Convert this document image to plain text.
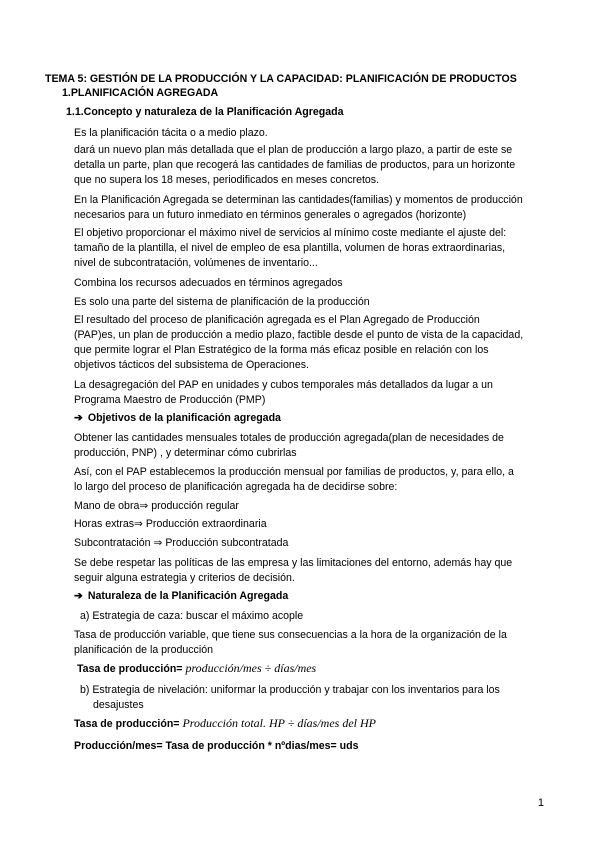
TEMA 5: GESTIÓN DE LA PRODUCCIÓN Y LA CAPACIDAD: PLANIFICACIÓN DE PRODUCTOS
1.PLANIFICACIÓN AGREGADA
1.1.Concepto y naturaleza de la Planificación Agregada
Es la planificación tácita o a medio plazo.
dará un nuevo plan más detallada que el plan de producción a largo plazo, a partir de este se
detalla un parte, plan que recogerá las cantidades de familias de productos, para un horizonte
que no supera los 18 meses, periodificados en meses concretos.
En la Planificación Agregada se determinan las cantidades(familias) y momentos de producción
necesarios para un futuro inmediato en términos generales o agregados (horizonte)
El objetivo proporcionar el máximo nivel de servicios al mínimo coste mediante el ajuste del:
tamaño de la plantilla, el nivel de empleo de esa plantilla, volumen de horas extraordinarias,
nivel de subcontratación, volúmenes de inventario...
Combina los recursos adecuados en términos agregados
Es solo una parte del sistema de planificación de la producción
El resultado del proceso de planificación agregada es el Plan Agregado de Producción
(PAP)es, un plan de producción a medio plazo, factible desde el punto de vista de la capacidad,
que permite lograr el Plan Estratégico de la forma más eficaz posible en relación con los
objetivos tácticos del subsistema de Operaciones.
La desagregación del PAP en unidades y cubos temporales más detallados da lugar a un
Programa Maestro de Producción (PMP)
➔ Objetivos de la planificación agregada
Obtener las cantidades mensuales totales de producción agregada(plan de necesidades de
producción, PNP) , y determinar cómo cubrirlas
Así, con el PAP establecemos la producción mensual por familias de productos, y, para ello, a
lo largo del proceso de planificación agregada ha de decidirse sobre:
Mano de obra⇒ producción regular
Horas extras⇒ Producción extraordinaria
Subcontratación ⇒ Producción subcontratada
Se debe respetar las políticas de las empresa y las limitaciones del entorno, además hay que
seguir alguna estrategia y criterios de decisión.
➔ Naturaleza de la Planificación Agregada
a) Estrategia de caza: buscar el máximo acople
Tasa de producción variable, que tiene sus consecuencias a la hora de la organización de la
planificación de la producción
Tasa de producción= producción/mes ÷ días/mes
b) Estrategia de nivelación: uniformar la producción y trabajar con los inventarios para los
desajustes
Tasa de producción= Producción total. HP ÷ días/mes del HP
Producción/mes= Tasa de producción * nºdias/mes= uds
1
